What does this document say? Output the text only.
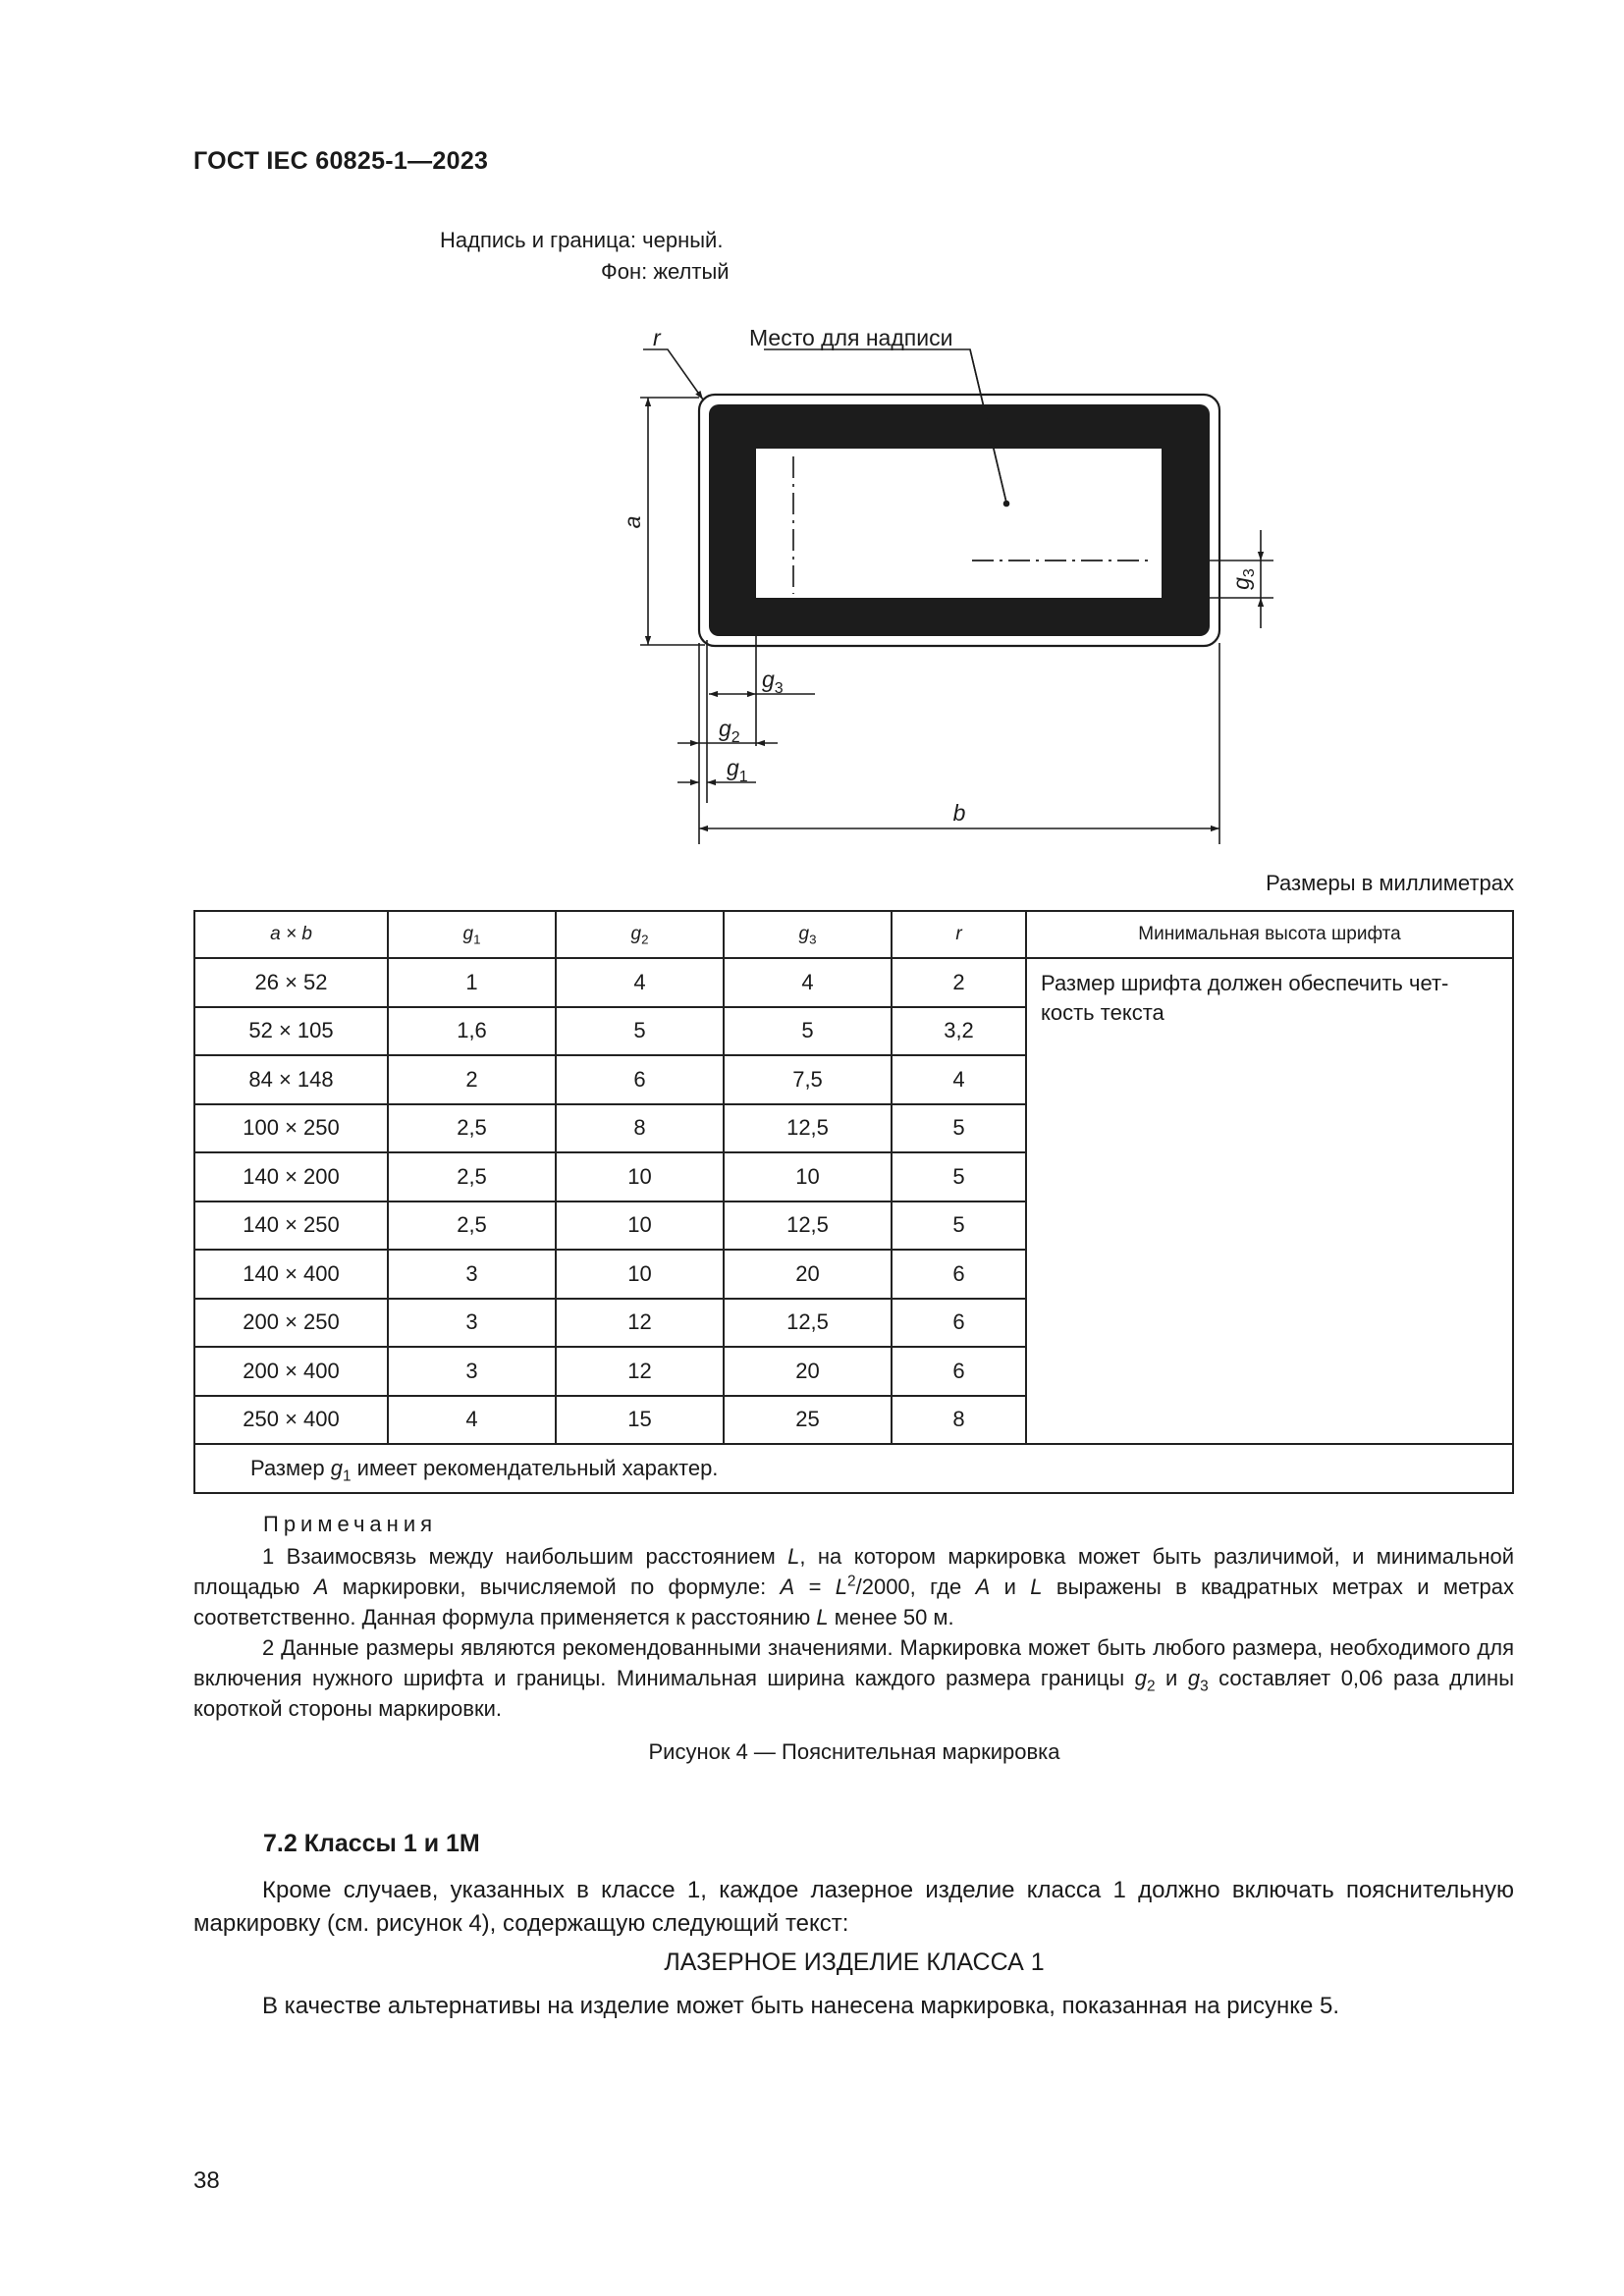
ГОСТ IEC 60825-1—2023
Надпись и граница: черный.
Фон: желтый
r	Место для надписи
a
b
$g_3$
$g_3$
$g_2$
$g_1$
Размеры в миллиметрах
a × b	$g_1$	$g_2$	$g_3$	r	Минимальная высота шрифта
26 × 52	1	4	4	2	Размер шрифта должен обеспечить чет-кость текста
52 × 105	1,6	5	5	3,2	
84 × 148	2	6	7,5	4	
100 × 250	2,5	8	12,5	5	
140 × 200	2,5	10	10	5	
140 × 250	2,5	10	12,5	5	
140 × 400	3	10	20	6	
200 × 250	3	12	12,5	6	
200 × 400	3	12	20	6	
250 × 400	4	15	25	8	
Размер $g_1$ имеет рекомендательный характер.					
Примечания
1 Взаимосвязь между наибольшим расстоянием L, на котором маркировка может быть различимой, и минимальной площадью A маркировки, вычисляемой по формуле: $A = L^2/2000$, где A и L выражены в квадратных метрах и метрах соответственно. Данная формула применяется к расстоянию L менее 50 м.
2 Данные размеры являются рекомендованными значениями. Маркировка может быть любого размера, необходимого для включения нужного шрифта и границы. Минимальная ширина каждого размера границы $g_2$ и $g_3$ составляет 0,06 раза длины короткой стороны маркировки.
Рисунок 4 — Пояснительная маркировка
7.2 Классы 1 и 1М
Кроме случаев, указанных в классе 1, каждое лазерное изделие класса 1 должно включать пояснительную маркировку (см. рисунок 4), содержащую следующий текст:
ЛАЗЕРНОЕ ИЗДЕЛИЕ КЛАССА 1
В качестве альтернативы на изделие может быть нанесена маркировка, показанная на рисунке 5.
38
